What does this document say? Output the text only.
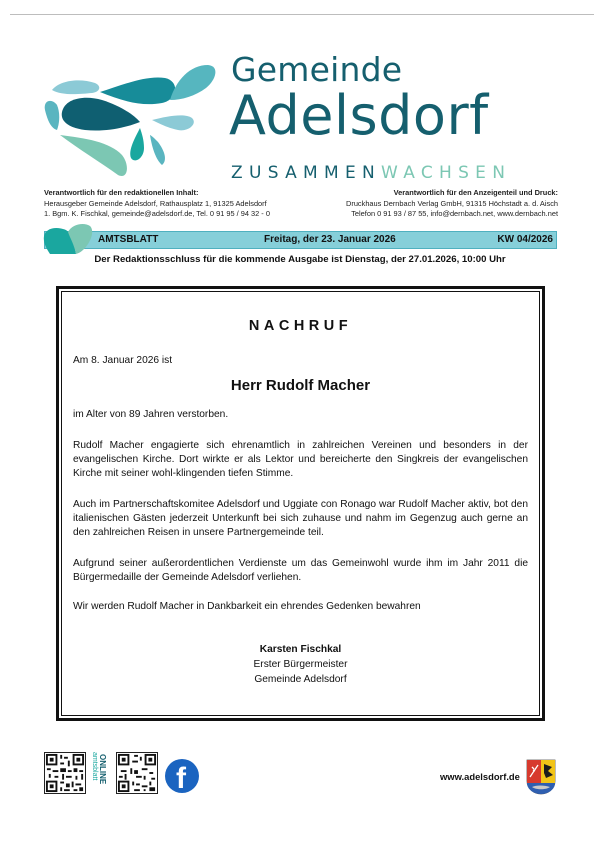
Gemeinde
Adelsdorf
ZUSAMMENWACHSEN
Verantwortlich für den redaktionellen Inhalt:
Herausgeber Gemeinde Adelsdorf, Rathausplatz 1, 91325 Adelsdorf
1. Bgm. K. Fischkal, gemeinde@adelsdorf.de, Tel. 0 91 95 / 94 32 - 0
Verantwortlich für den Anzeigenteil und Druck:
Druckhaus Dernbach Verlag GmbH, 91315 Höchstadt a. d. Aisch
Telefon 0 91 93 / 87 55, info@dernbach.net, www.dernbach.net
AMTSBLATT	Freitag, der 23. Januar 2026	KW 04/2026
Der Redaktionsschluss für die kommende Ausgabe ist Dienstag, der 27.01.2026, 10:00 Uhr
NACHRUF
Am 8. Januar 2026 ist
Herr Rudolf Macher
im Alter von 89 Jahren verstorben.
Rudolf Macher engagierte sich ehrenamtlich in zahlreichen Vereinen und besonders in der evangelischen Kirche. Dort wirkte er als Lektor und bereicherte den Singkreis der evangelischen Kirche mit seiner wohl-klingenden tiefen Stimme.
Auch im Partnerschaftskomitee Adelsdorf und Uggiate con Ronago war Rudolf Macher aktiv, bot den italienischen Gästen jederzeit Unterkunft bei sich zuhause und nahm im Gegenzug auch gerne an den zahlreichen Reisen in unsere Partnergemeinde teil.
Aufgrund seiner außerordentlichen Verdienste um das Gemeinwohl wurde ihm im Jahr 2011 die Bürgermedaille der Gemeinde Adelsdorf verliehen.
Wir werden Rudolf Macher in Dankbarkeit ein ehrendes Gedenken bewahren
Karsten Fischkal
Erster Bürgermeister
Gemeinde Adelsdorf
amtsblatt ONLINE f	www.adelsdorf.de
